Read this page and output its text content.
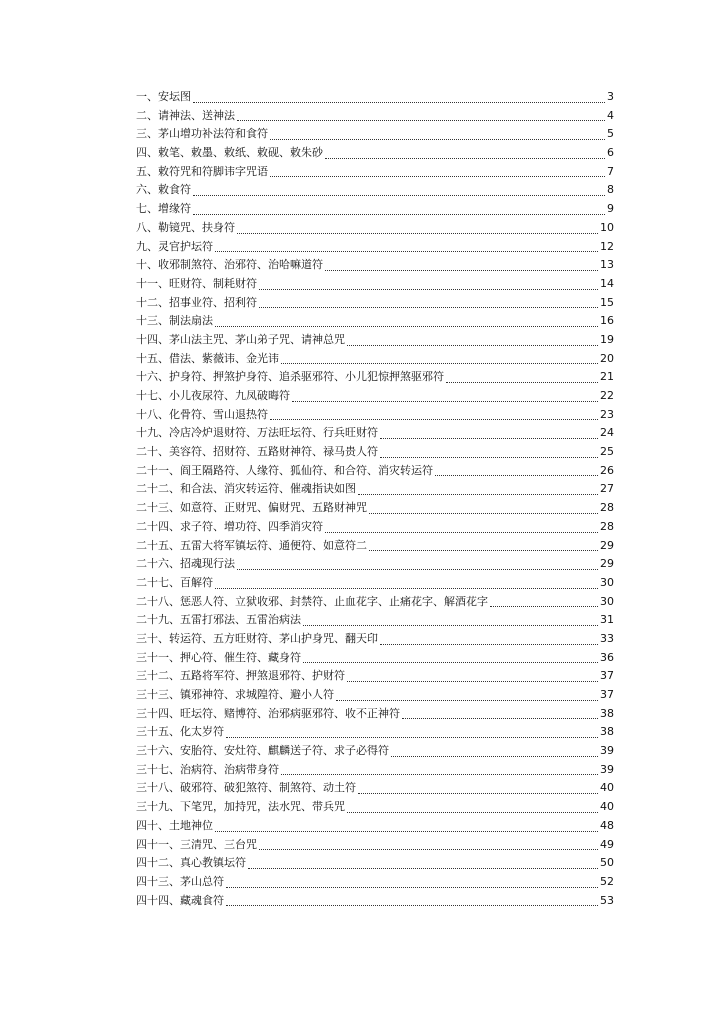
一、安坛图	3
二、请神法、送神法	4
三、茅山增功补法符和食符	5
四、敕笔、敕墨、敕纸、敕砚、敕朱砂	6
五、敕符咒和符脚讳字咒语	7
六、敕食符	8
七、增缘符	9
八、勒镜咒、扶身符	10
九、灵官护坛符	12
十、收邪制煞符、治邪符、治哈嘛道符	13
十一、旺财符、制耗财符	14
十二、招事业符、招利符	15
十三、制法扇法	16
十四、茅山法主咒、茅山弟子咒、请神总咒	19
十五、借法、紫薇讳、金光讳	20
十六、护身符、押煞护身符、追杀驱邪符、小儿犯惊押煞驱邪符	21
十七、小儿夜尿符、九凤破晦符	22
十八、化骨符、雪山退热符	23
十九、冷店冷炉退财符、万法旺坛符、行兵旺财符	24
二十、美容符、招财符、五路财神符、禄马贵人符	25
二十一、阎王隔路符、人缘符、狐仙符、和合符、消灾转运符	26
二十二、和合法、消灾转运符、催魂指诀如图	27
二十三、如意符、正财咒、偏财咒、五路财神咒	28
二十四、求子符、增功符、四季消灾符	28
二十五、五雷大将军镇坛符、通便符、如意符二	29
二十六、招魂现行法	29
二十七、百解符	30
二十八、惩恶人符、立狱收邪、封禁符、止血花字、止痛花字、解酒花字	30
二十九、五雷打邪法、五雷治病法	31
三十、转运符、五方旺财符、茅山护身咒、翻天印	33
三十一、押心符、催生符、藏身符	36
三十二、五路将军符、押煞退邪符、护财符	37
三十三、镇邪神符、求城隍符、避小人符	37
三十四、旺坛符、赌博符、治邪病驱邪符、收不正神符	38
三十五、化太岁符	38
三十六、安胎符、安灶符、麒麟送子符、求子必得符	39
三十七、治病符、治病带身符	39
三十八、破邪符、破犯煞符、制煞符、动土符	40
三十九、下笔咒，加持咒，法水咒、带兵咒	40
四十、土地神位	48
四十一、三清咒、三台咒	49
四十二、真心教镇坛符	50
四十三、茅山总符	52
四十四、藏魂食符	53
